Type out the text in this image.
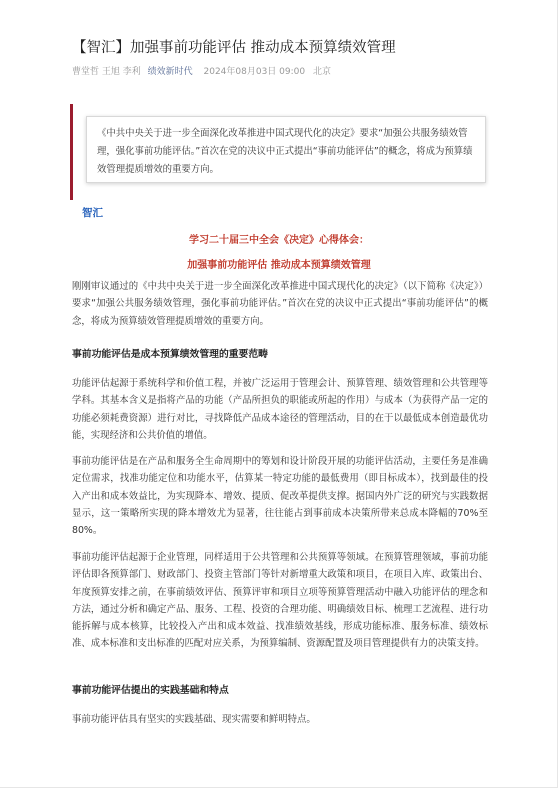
【智汇】加强事前功能评估 推动成本预算绩效管理
曹堂哲 王旭 李利 绩效新时代 2024年08月03日 09:00 北京
《中共中央关于进一步全面深化改革推进中国式现代化的决定》要求“加强公共服务绩效管理，强化事前功能评估。”首次在党的决议中正式提出“事前功能评估”的概念，将成为预算绩效管理提质增效的重要方向。
智汇
学习二十届三中全会《决定》心得体会：
加强事前功能评估 推动成本预算绩效管理
刚刚审议通过的《中共中央关于进一步全面深化改革推进中国式现代化的决定》（以下简称《决定》）要求“加强公共服务绩效管理，强化事前功能评估。”首次在党的决议中正式提出“事前功能评估”的概念，将成为预算绩效管理提质增效的重要方向。
事前功能评估是成本预算绩效管理的重要范畴
功能评估起源于系统科学和价值工程，并被广泛运用于管理会计、预算管理、绩效管理和公共管理等学科。其基本含义是指将产品的功能（产品所担负的职能或所起的作用）与成本（为获得产品一定的功能必须耗费资源）进行对比，寻找降低产品成本途径的管理活动，目的在于以最低成本创造最优功能，实现经济和公共价值的增值。
事前功能评估是在产品和服务全生命周期中的筹划和设计阶段开展的功能评估活动，主要任务是准确定位需求，找准功能定位和功能水平，估算某一特定功能的最低费用（即目标成本），找到最佳的投入产出和成本效益比，为实现降本、增效、提质、促改革提供支撑。据国内外广泛的研究与实践数据显示，这一策略所实现的降本增效尤为显著，往往能占到事前成本决策所带来总成本降幅的70%至80%。
事前功能评估起源于企业管理，同样适用于公共管理和公共预算等领域。在预算管理领域，事前功能评估即各预算部门、财政部门、投资主管部门等针对新增重大政策和项目，在项目入库、政策出台、年度预算安排之前，在事前绩效评估、预算评审和项目立项等预算管理活动中融入功能评估的理念和方法，通过分析和确定产品、服务、工程、投资的合理功能、明确绩效目标、梳理工艺流程、进行功能拆解与成本核算，比较投入产出和成本效益、找准绩效基线，形成功能标准、服务标准、绩效标准、成本标准和支出标准的匹配对应关系，为预算编制、资源配置及项目管理提供有力的决策支持。
事前功能评估提出的实践基础和特点
事前功能评估具有坚实的实践基础、现实需要和鲜明特点。
